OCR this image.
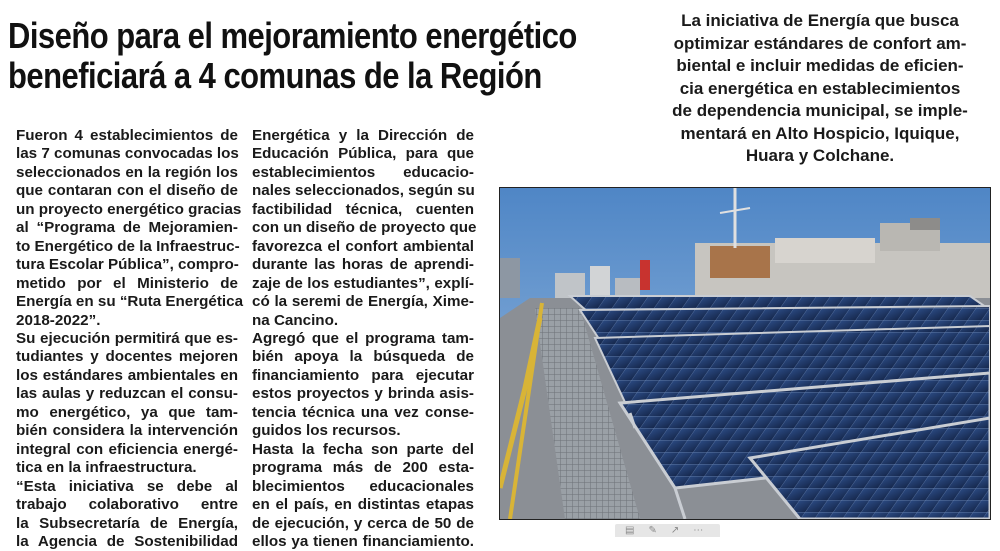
Diseño para el mejoramiento energético
beneficiará a 4 comunas de la Región
La iniciativa de Energía que busca
optimizar estándares de confort am-
biental e incluir medidas de eficien-
cia energética en establecimientos
de dependencia municipal, se imple-
mentará en Alto Hospicio, Iquique,
Huara y Colchane.
Fueron 4 establecimientos de
las 7 comunas convocadas los
seleccionados en la región los
que contaran con el diseño de
un proyecto energético gracias
al “Programa de Mejoramien-
to Energético de la Infraestruc-
tura Escolar Pública”, compro-
metido por el Ministerio de
Energía en su “Ruta Energética
2018-2022”.
Su ejecución permitirá que es-
tudiantes y docentes mejoren
los estándares ambientales en
las aulas y reduzcan el consu-
mo energético, ya que tam-
bién considera la intervención
integral con eficiencia energé-
tica en la infraestructura.
“Esta iniciativa se debe al
trabajo colaborativo entre
la Subsecretaría de Energía,
la Agencia de Sostenibilidad
Energética y la Dirección de
Educación Pública, para que
establecimientos educacio-
nales seleccionados, según su
factibilidad técnica, cuenten
con un diseño de proyecto que
favorezca el confort ambiental
durante las horas de aprendi-
zaje de los estudiantes”, explí-
có la seremi de Energía, Xime-
na Cancino.
Agregó que el programa tam-
bién apoya la búsqueda de
financiamiento para ejecutar
estos proyectos y brinda asis-
tencia técnica una vez conse-
guidos los recursos.
Hasta la fecha son parte del
programa más de 200 esta-
blecimientos educacionales
en el país, en distintas etapas
de ejecución, y cerca de 50 de
ellos ya tienen financiamiento.
▤ ✎ ↗ ⋯
